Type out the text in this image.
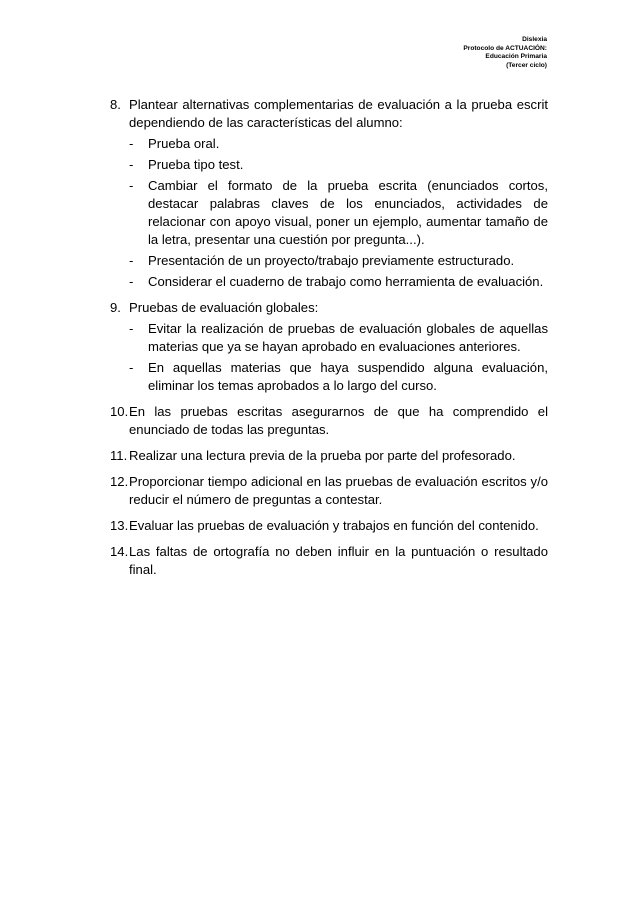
Dislexia
Protocolo de ACTUACIÓN:
Educación Primaria
(Tercer ciclo)
8. Plantear alternativas complementarias de evaluación a la prueba escrit dependiendo de las características del alumno:
- Prueba oral.
- Prueba tipo test.
- Cambiar el formato de la prueba escrita (enunciados cortos, destacar palabras claves de los enunciados, actividades de relacionar con apoyo visual, poner un ejemplo, aumentar tamaño de la letra, presentar una cuestión por pregunta...).
- Presentación de un proyecto/trabajo previamente estructurado.
- Considerar el cuaderno de trabajo como herramienta de evaluación.
9. Pruebas de evaluación globales:
- Evitar la realización de pruebas de evaluación globales de aquellas materias que ya se hayan aprobado en evaluaciones anteriores.
- En aquellas materias que haya suspendido alguna evaluación, eliminar los temas aprobados a lo largo del curso.
10. En las pruebas escritas asegurarnos de que ha comprendido el enunciado de todas las preguntas.
11. Realizar una lectura previa de la prueba por parte del profesorado.
12. Proporcionar tiempo adicional en las pruebas de evaluación escritos y/o reducir el número de preguntas a contestar.
13. Evaluar las pruebas de evaluación y trabajos en función del contenido.
14. Las faltas de ortografía no deben influir en la puntuación o resultado final.
